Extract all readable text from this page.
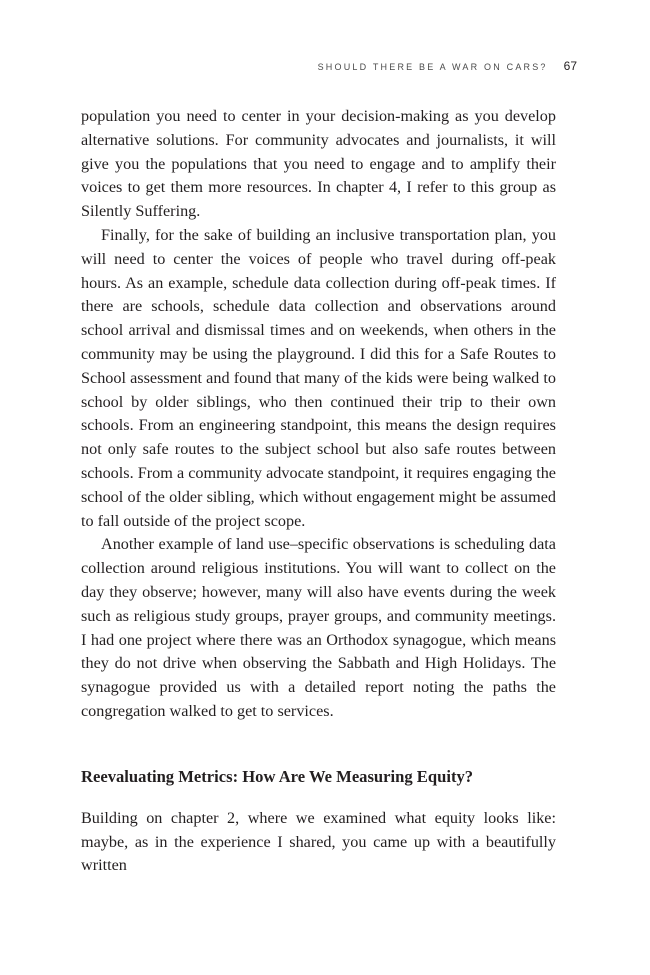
SHOULD THERE BE A WAR ON CARS? 67

population you need to center in your decision-making as you develop alternative solutions. For community advocates and journalists, it will give you the populations that you need to engage and to amplify their voices to get them more resources. In chapter 4, I refer to this group as Silently Suffering.

Finally, for the sake of building an inclusive transportation plan, you will need to center the voices of people who travel during off-peak hours. As an example, schedule data collection during off-peak times. If there are schools, schedule data collection and observations around school arrival and dismissal times and on weekends, when others in the community may be using the playground. I did this for a Safe Routes to School assessment and found that many of the kids were being walked to school by older siblings, who then continued their trip to their own schools. From an engineering standpoint, this means the design requires not only safe routes to the subject school but also safe routes between schools. From a community advocate standpoint, it requires engaging the school of the older sibling, which without engagement might be assumed to fall outside of the project scope.

Another example of land use–specific observations is scheduling data collection around religious institutions. You will want to collect on the day they observe; however, many will also have events during the week such as religious study groups, prayer groups, and community meetings. I had one project where there was an Orthodox synagogue, which means they do not drive when observing the Sabbath and High Holidays. The synagogue provided us with a detailed report noting the paths the congregation walked to get to services.

Reevaluating Metrics: How Are We Measuring Equity?

Building on chapter 2, where we examined what equity looks like: maybe, as in the experience I shared, you came up with a beautifully written
